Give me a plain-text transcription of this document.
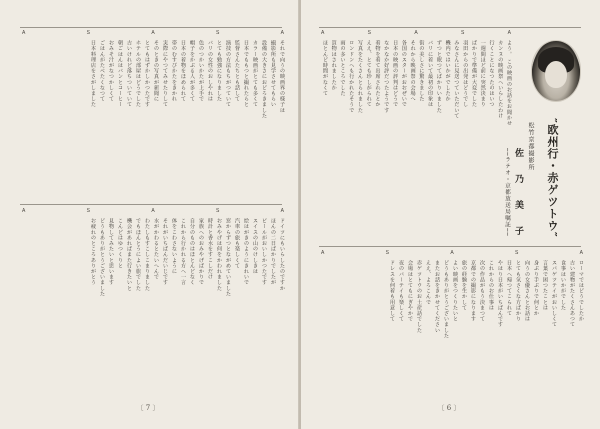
A
S
A
S
A
それで向うの映画界の様子は
撮影所も見学させてもらい
設備の大きさにおどろきました
カラー映画がとても多くて
日本でももつと撮れたらと
監督さんたちとも話して
演技の方法もちがつていて
とても勉強になりました
パリの女性のおしやれは
色のつかいかたが上手で
帽子をかぶる人が多くて
日本の着物をほめられて
帯のむすびかたをきかれ
実際にやつてみせたりして
そのときの写真が新聞に
とてもはずかしかつたです
ホテルの部屋はどうでした
古いけれど落ちついていて
朝ごはんはパンとコーヒー
おみそ汁がなつかしくて
ごはんがたべたくなつて
日本料理店をさがしました
A
S
A
S
A
ドイツにもいらしたのですか
ほんの二日ばかりでしたが
ビールがおいしかつたです
スイスの山のけしきは
絵はがきのようにきれいで
汽車の旅も楽しくて
窓からずつとながめていました
おみやげは何をかわれました
時計と香水をすこしだけ
家族へのおみやげばかりで
自分のものはほとんどなく
これから行かれる方へ一言
体をこわさないように
それがいちばんだいじです
水がかわるとたいへんで
わたしもすこしこまりました
でもほんとうによい旅でした
機会があればまた行きたいと
こんどはゆつくりと
見物してみたいと思います
どうもありがとうございました
お疲れのところありがとう
〔 7 〕
A
S
A
S
A
よう。 この映画のお話をお聞かせ
カンヌの映画祭へいらしたわけ
行くことになつたのはいつ
一週間ほど前に突然決まり
ばかりで準備が大変でした
羽田からの出発はどうでし
みなさんに見送つていただいて
機内ではいかがでしたか
ずつと眠つてばかりいました
パリに着いて最初の印象は
街の美しさに驚きました
それから映画祭の会場へ
各国のスターがおおぜいで
日本の映画の評判はどうで
なかなか好評だつたようです
着物を着て出席されたとか
ええ、とても珍しがられて
写真をたくさんとられました
ロンドンへも行かれたそうで
雨の多いところでした
買物はされましたか
ほとんど時間がなくて
A
S
A
S
A
ローマではどうでしたか
古い建物がたくさんあつて
食事はいかがでした
スパゲツテイがおいしくて
言葉で困つたことは
身ぶり手ぶりで何とか
向うの女優さんとお話は
とても気さくな方ばかり
日本へ帰つてこられて
やはり日本がいちばんです
これからのお仕事は
次の作品がもう決まつて
京都での撮影になります
旅の経験を生かして
よい映画をつくりたいと
どうもありがとうございました
またお話をきかせてください
ええ、よろこんで
赤ゲツトウのお土産話でした
会場はとてもにぎやかで
夜のパーテイも楽しくて
ドレスを何着も用意して
〔 6 〕
″欧州行・赤ゲツトウ″
松竹京都撮影所
佐　乃　美　子
──ラテオ・京都放送局嘱託──
